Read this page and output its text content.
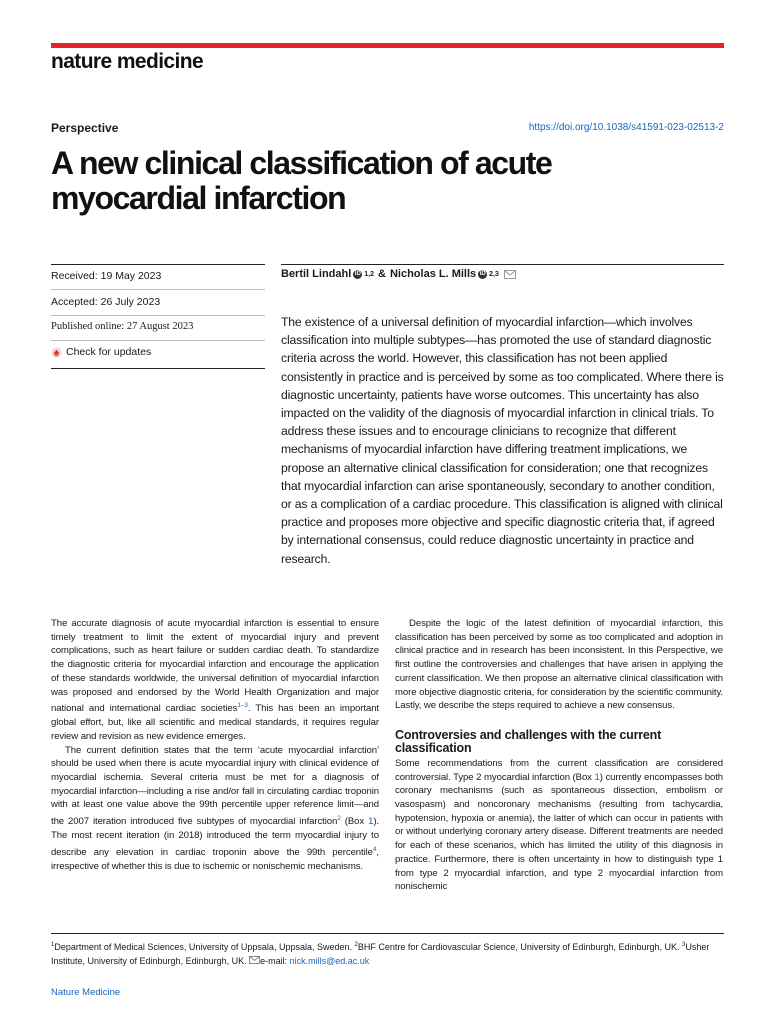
nature medicine
Perspective	https://doi.org/10.1038/s41591-023-02513-2
A new clinical classification of acute myocardial infarction
Received: 19 May 2023
Accepted: 26 July 2023
Published online: 27 August 2023
Check for updates
Bertil Lindahl iD 1,2 & Nicholas L. Mills iD 2,3

The existence of a universal definition of myocardial infarction—which involves classification into multiple subtypes—has promoted the use of standard diagnostic criteria across the world. However, this classification has not been applied consistently in practice and is perceived by some as too complicated. Where there is diagnostic uncertainty, patients have worse outcomes. This uncertainty has also impacted on the validity of the diagnosis of myocardial infarction in clinical trials. To address these issues and to encourage clinicians to recognize that different mechanisms of myocardial infarction have differing treatment implications, we propose an alternative clinical classification for consideration; one that recognizes that myocardial infarction can arise spontaneously, secondary to another condition, or as a complication of a cardiac procedure. This classification is aligned with clinical practice and proposes more objective and specific diagnostic criteria that, if agreed by international consensus, could reduce diagnostic uncertainty in practice and research.

The accurate diagnosis of acute myocardial infarction is essential to ensure timely treatment to limit the extent of myocardial injury and prevent complications, such as heart failure or sudden cardiac death. To standardize the diagnostic criteria for myocardial infarction and encourage the application of these standards worldwide, the universal definition of myocardial infarction was proposed and endorsed by the World Health Organization and major national and international cardiac societies$^{1-3}$. This has been an important global effort, but, like all scientific and medical standards, it requires regular review and revision as new evidence emerges.

The current definition states that the term ‘acute myocardial infarction’ should be used when there is acute myocardial injury with clinical evidence of myocardial ischemia. Several criteria must be met for a diagnosis of myocardial infarction—including a rise and/or fall in circulating cardiac troponin with at least one value above the 99th percentile upper reference limit—and the 2007 iteration introduced five subtypes of myocardial infarction$^2$ (Box 1). The most recent iteration (in 2018) introduced the term myocardial injury to describe any elevation in cardiac troponin above the 99th percentile$^4$, irrespective of whether this is due to ischemic or nonischemic mechanisms.

Despite the logic of the latest definition of myocardial infarction, this classification has been perceived by some as too complicated and adoption in clinical practice and in research has been inconsistent. In this Perspective, we first outline the controversies and challenges that have arisen in applying the current classification. We then propose an alternative clinical classification with more objective diagnostic criteria, for consideration by the scientific community. Lastly, we describe the steps required to achieve a new consensus.

Controversies and challenges with the current classification

Some recommendations from the current classification are considered controversial. Type 2 myocardial infarction (Box 1) currently encompasses both coronary mechanisms (such as spontaneous dissection, embolism or vasospasm) and noncoronary mechanisms (resulting from tachycardia, hypotension, hypoxia or anemia), the latter of which can occur in patients with or without underlying coronary artery disease. Different treatments are needed for each of these scenarios, which has limited the utility of this diagnosis in practice. Furthermore, there is often uncertainty in how to distinguish type 1 from type 2 myocardial infarction, and type 2 myocardial infarction from nonischemic

$^1$Department of Medical Sciences, University of Uppsala, Uppsala, Sweden. $^2$BHF Centre for Cardiovascular Science, University of Edinburgh, Edinburgh, UK. $^3$Usher Institute, University of Edinburgh, Edinburgh, UK. e-mail: nick.mills@ed.ac.uk
Nature Medicine
